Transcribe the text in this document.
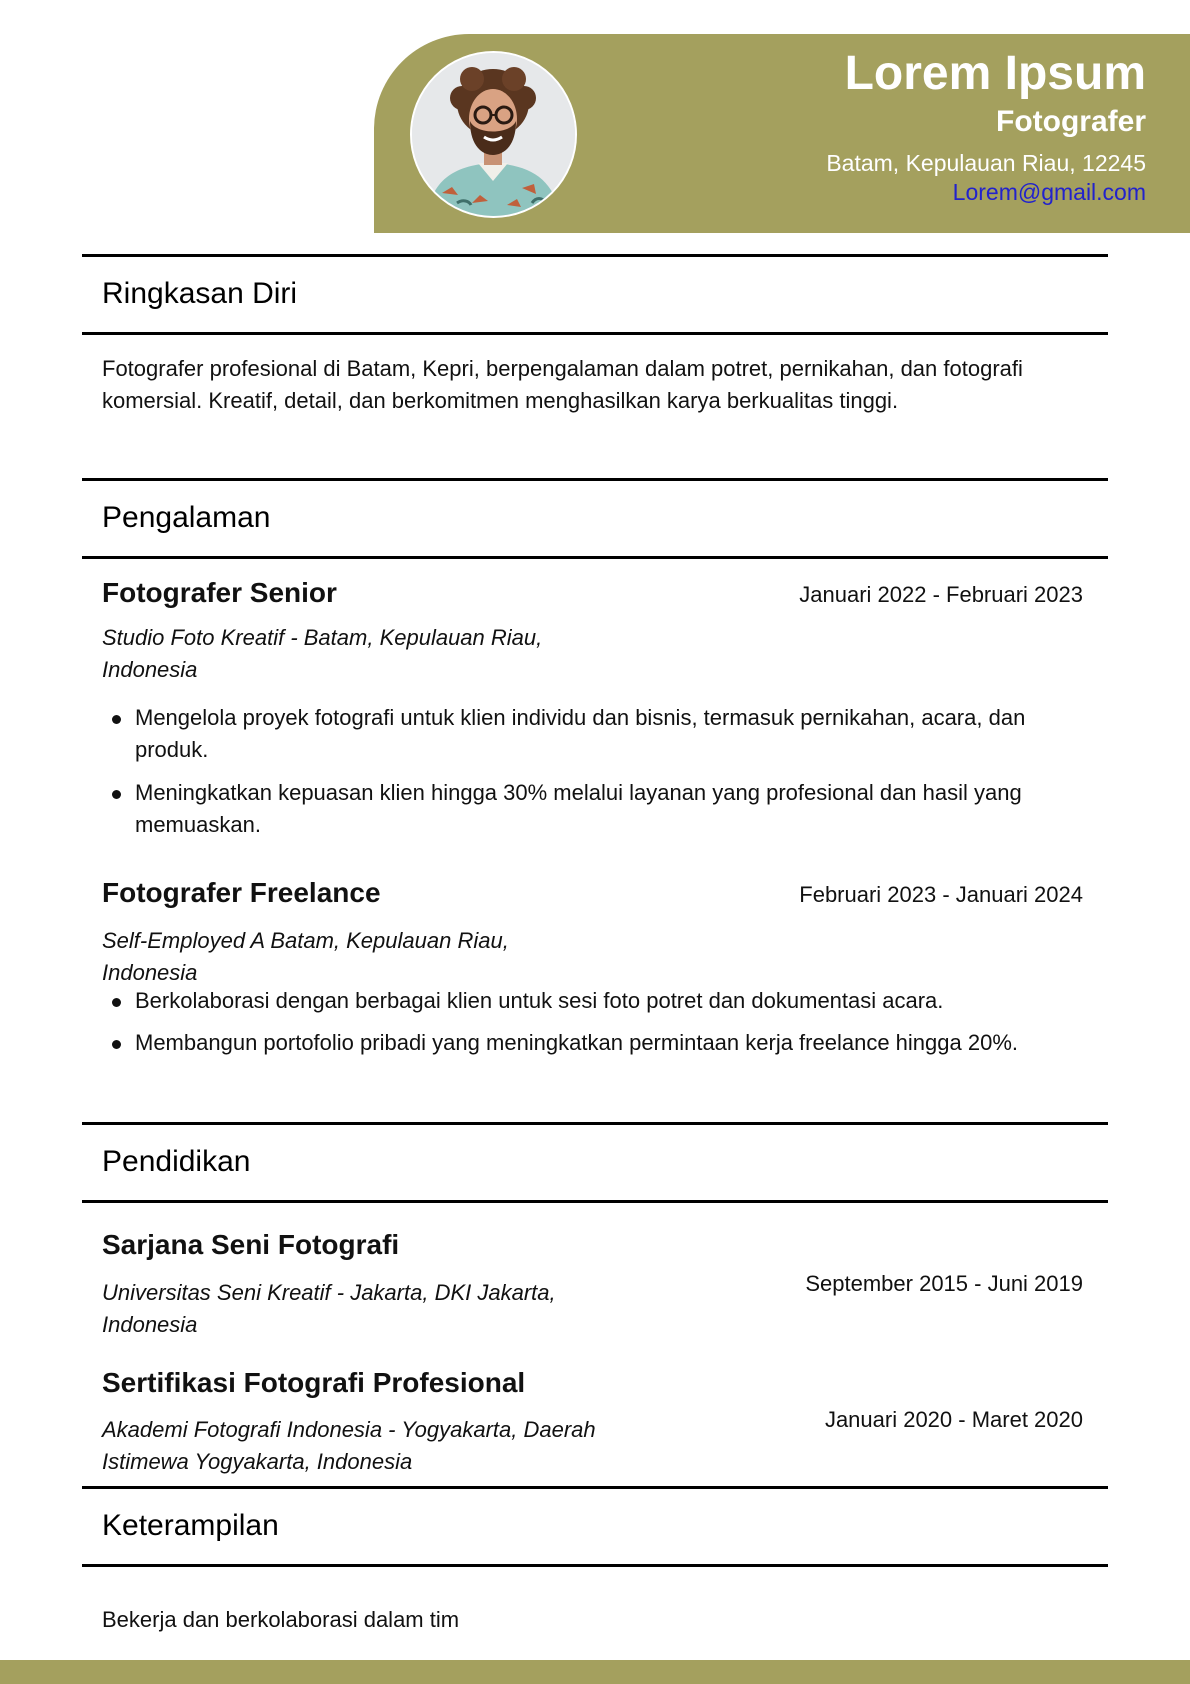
Lorem Ipsum
Fotografer
Batam, Kepulauan Riau, 12245
Lorem@gmail.com
Ringkasan Diri
Fotografer profesional di Batam, Kepri, berpengalaman dalam potret, pernikahan, dan fotografi komersial. Kreatif, detail, dan berkomitmen menghasilkan karya berkualitas tinggi.
Pengalaman
Fotografer Senior	Januari 2022 - Februari 2023
Studio Foto Kreatif - Batam, Kepulauan Riau,
Indonesia
Mengelola proyek fotografi untuk klien individu dan bisnis, termasuk pernikahan, acara, dan produk.
Meningkatkan kepuasan klien hingga 30% melalui layanan yang profesional dan hasil yang memuaskan.
Fotografer Freelance	Februari 2023 - Januari 2024
Self-Employed A Batam, Kepulauan Riau,
Indonesia
Berkolaborasi dengan berbagai klien untuk sesi foto potret dan dokumentasi acara.
Membangun portofolio pribadi yang meningkatkan permintaan kerja freelance hingga 20%.
Pendidikan
Sarjana Seni Fotografi
September 2015 - Juni 2019
Universitas Seni Kreatif - Jakarta, DKI Jakarta,
Indonesia
Sertifikasi Fotografi Profesional
Januari 2020 - Maret 2020
Akademi Fotografi Indonesia - Yogyakarta, Daerah
Istimewa Yogyakarta, Indonesia
Keterampilan
Bekerja dan berkolaborasi dalam tim
